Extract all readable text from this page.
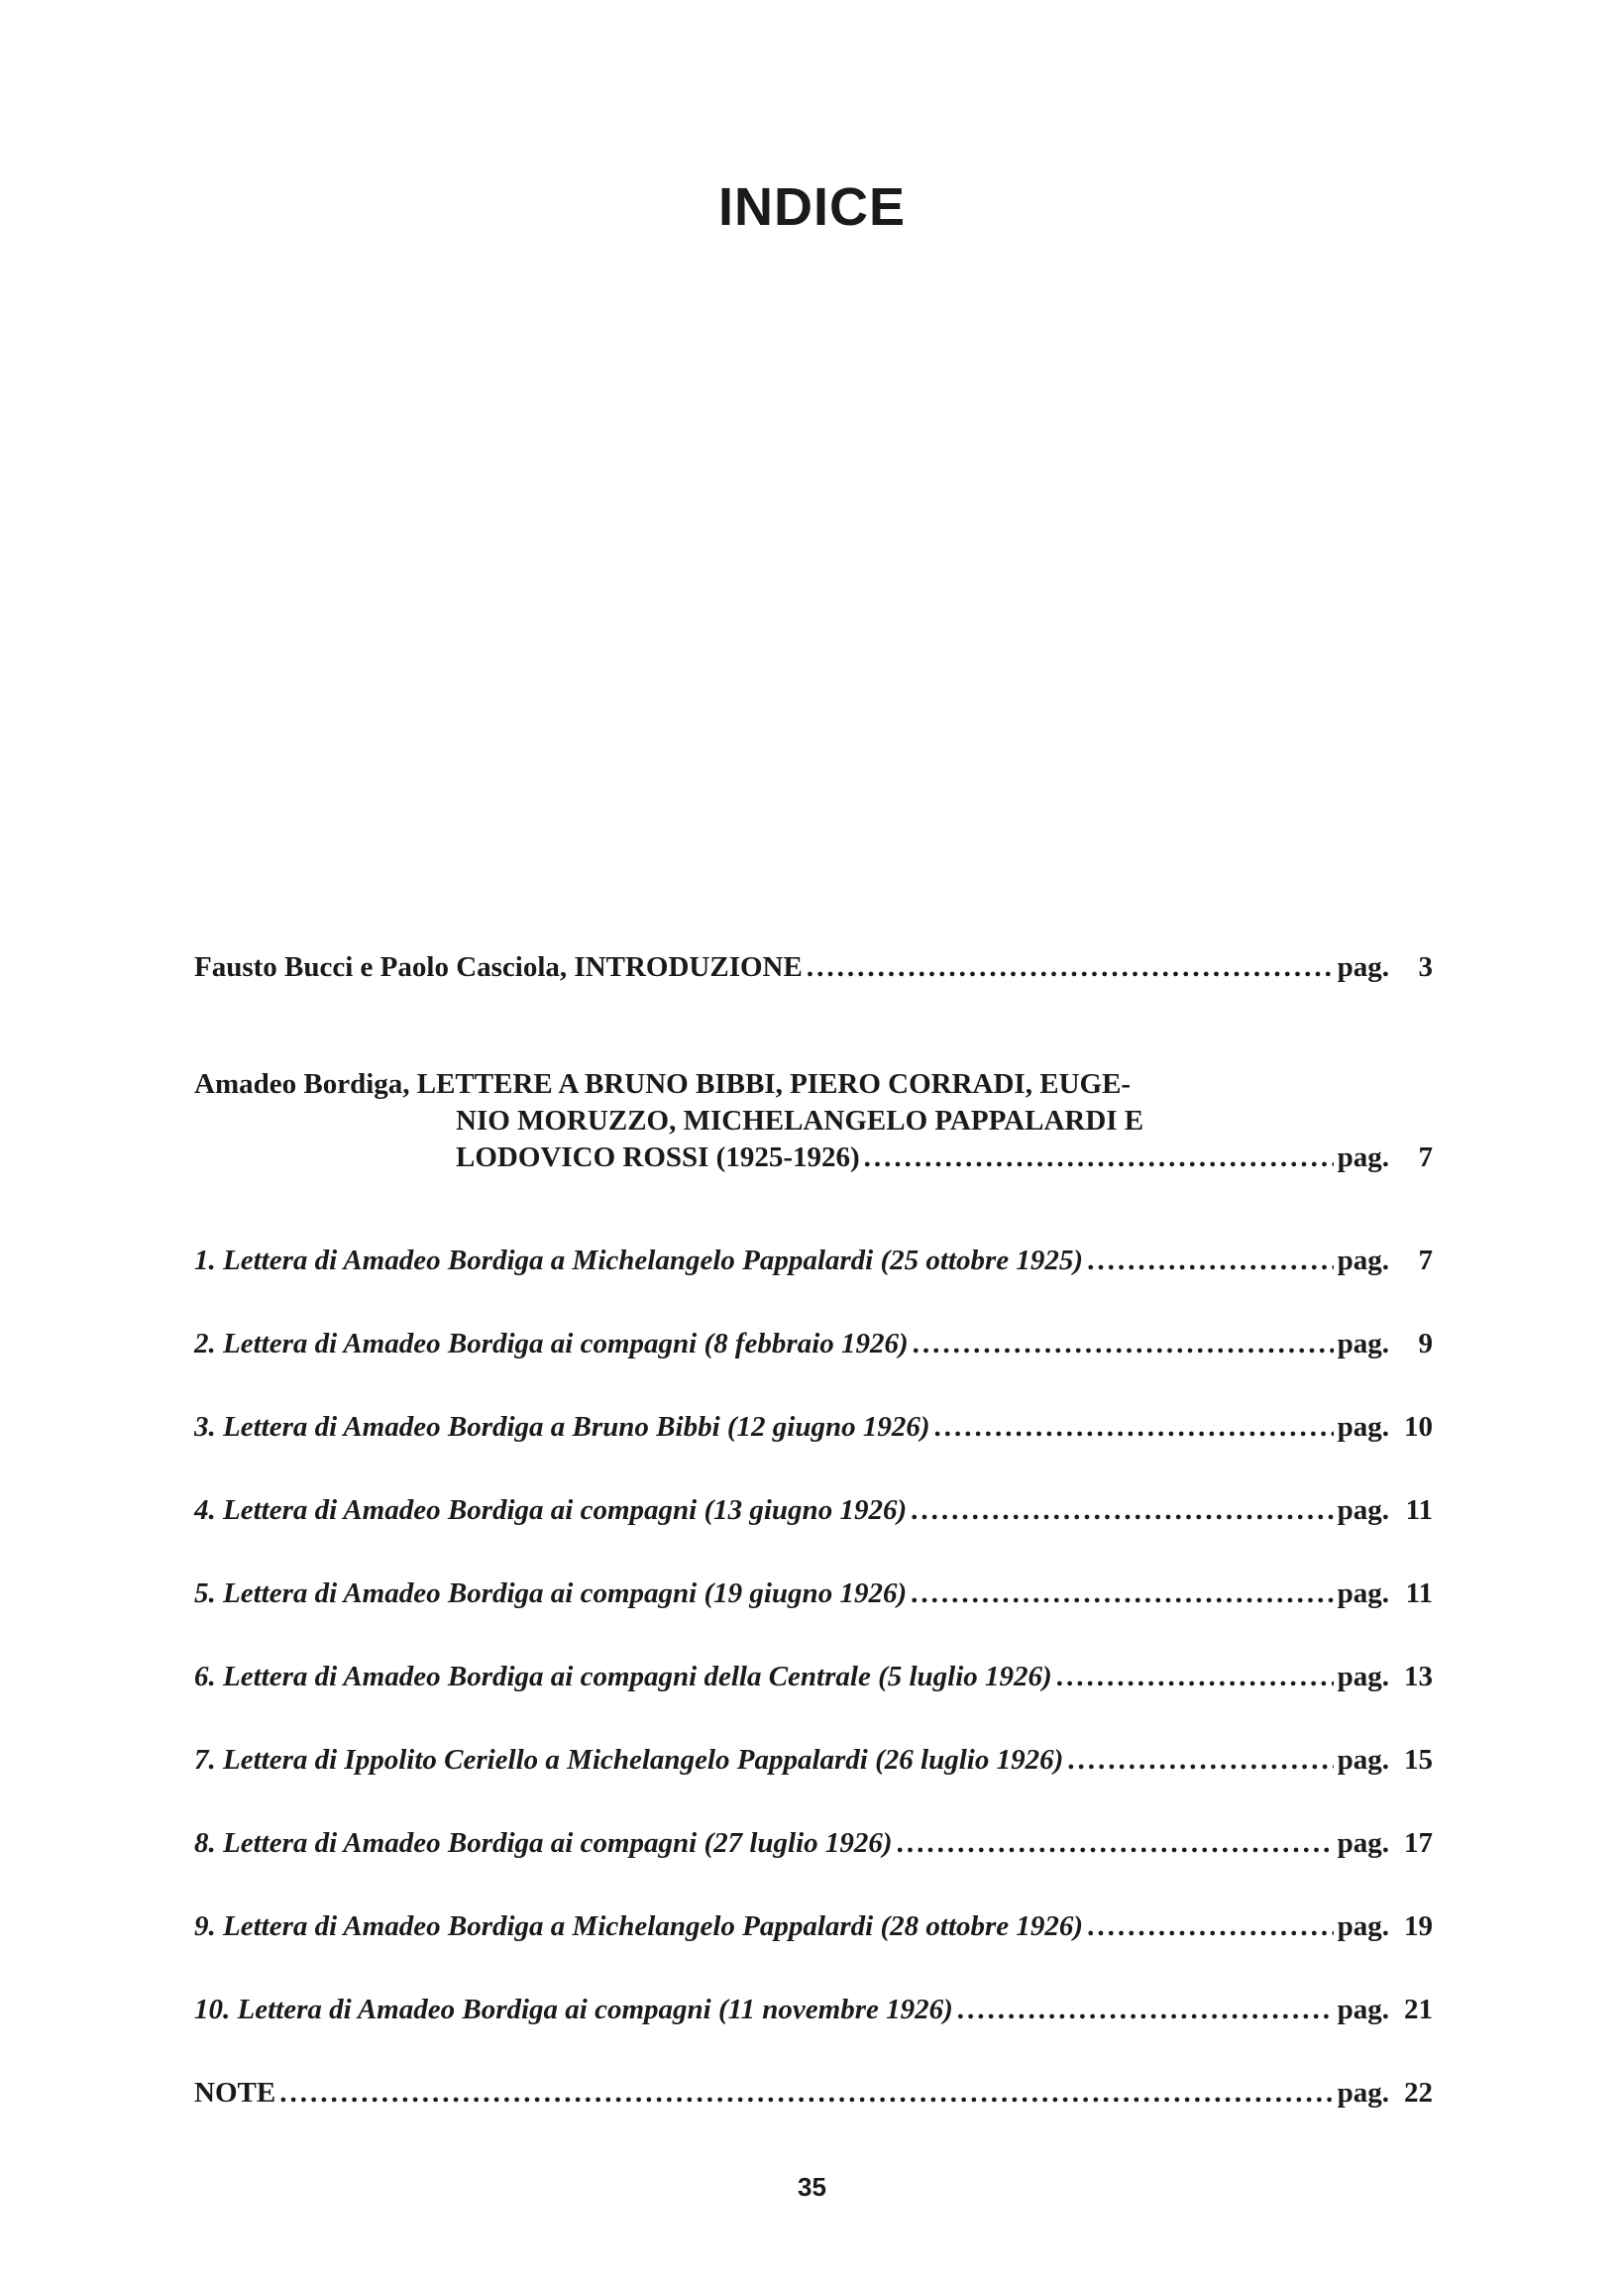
INDICE
Fausto Bucci e Paolo Casciola, INTRODUZIONE .....	pag. 3
Amadeo Bordiga, LETTERE A BRUNO BIBBI, PIERO CORRADI, EUGE-
NIO MORUZZO, MICHELANGELO PAPPALARDI E
LODOVICO ROSSI (1925-1926) .....	pag. 7
1. Lettera di Amadeo Bordiga a Michelangelo Pappalardi (25 ottobre 1925) .....	pag. 7
2. Lettera di Amadeo Bordiga ai compagni (8 febbraio 1926) .....	pag. 9
3. Lettera di Amadeo Bordiga a Bruno Bibbi (12 giugno 1926) .....	pag. 10
4. Lettera di Amadeo Bordiga ai compagni (13 giugno 1926) .....	pag. 11
5. Lettera di Amadeo Bordiga ai compagni (19 giugno 1926) .....	pag. 11
6. Lettera di Amadeo Bordiga ai compagni della Centrale (5 luglio 1926) .....	pag. 13
7. Lettera di Ippolito Ceriello a Michelangelo Pappalardi (26 luglio 1926) .....	pag. 15
8. Lettera di Amadeo Bordiga ai compagni (27 luglio 1926) .....	pag. 17
9. Lettera di Amadeo Bordiga a Michelangelo Pappalardi (28 ottobre 1926) .....	pag. 19
10. Lettera di Amadeo Bordiga ai compagni (11 novembre 1926) .....	pag. 21
NOTE .....	pag. 22
35
